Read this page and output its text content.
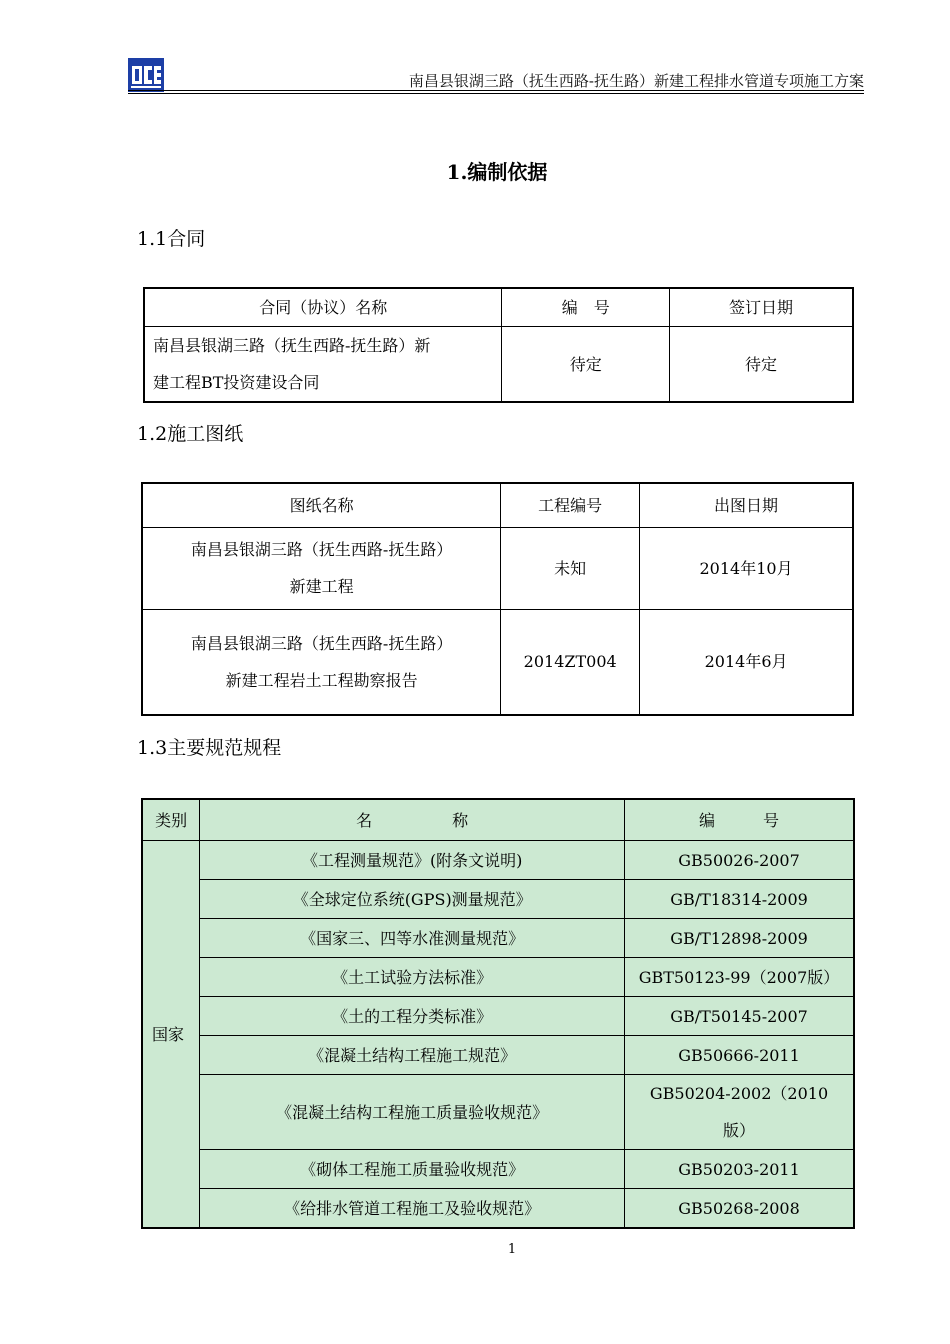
南昌县银湖三路（抚生西路-抚生路）新建工程排水管道专项施工方案
1.编制依据
1.1合同
合同（协议）名称	编　号	签订日期

南昌县银湖三路（抚生西路-抚生路）新
建工程BT投资建设合同	待定	待定
1.2施工图纸
图纸名称	工程编号	出图日期

南昌县银湖三路（抚生西路-抚生路）
新建工程	未知	2014年10月

南昌县银湖三路（抚生西路-抚生路）
新建工程岩土工程勘察报告	2014ZT004	2014年6月
1.3主要规范规程
类别	名　　　　　称	编　　　号
国家	《工程测量规范》(附条文说明)	GB50026-2007
	《全球定位系统(GPS)测量规范》	GB/T18314-2009
	《国家三、四等水准测量规范》	GB/T12898-2009
	《土工试验方法标准》	GBT50123-99（2007版）
	《土的工程分类标准》	GB/T50145-2007
	《混凝土结构工程施工规范》	GB50666-2011
	《混凝土结构工程施工质量验收规范》	GB50204-2002（2010
版）

	《砌体工程施工质量验收规范》	GB50203-2011
	《给排水管道工程施工及验收规范》	GB50268-2008
1
